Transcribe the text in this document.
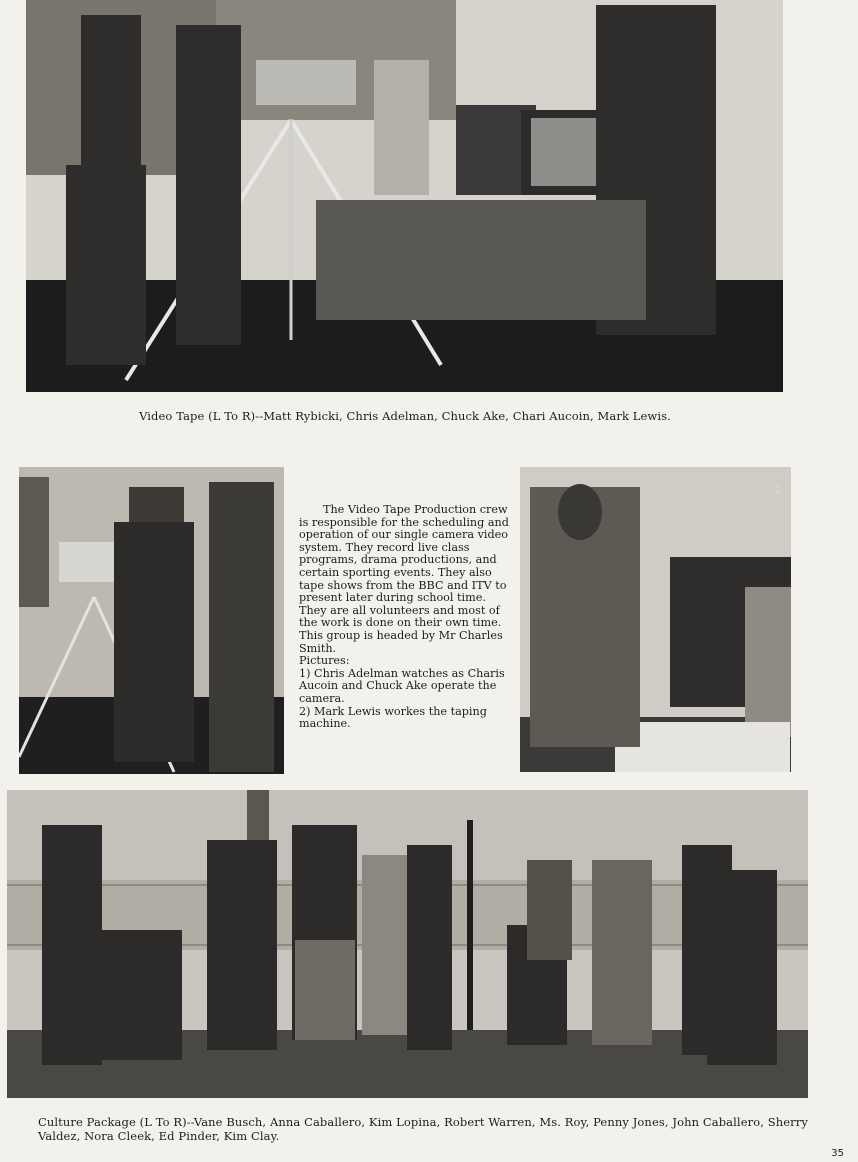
Video Tape (L To R)--Matt Rybicki, Chris Adelman, Chuck Ake, Chari Aucoin, Mark Lewis.

The Video Tape Production crew is responsible for the scheduling and operation of our single camera video system. They record live class programs, drama productions, and certain sporting events. They also tape shows from the BBC and ITV to present later during school time. They are all volunteers and most of the work is done on their own time. This group is headed by Mr Charles Smith.

Pictures:

1) Chris Adelman watches as Charis Aucoin and Chuck Ake operate the camera.

2) Mark Lewis workes the taping machine.

2
Culture Package (L To R)--Vane Busch, Anna Caballero, Kim Lopina, Robert Warren, Ms. Roy, Penny Jones, John Caballero, Sherry Valdez, Nora Cleek, Ed Pinder, Kim Clay.
35
